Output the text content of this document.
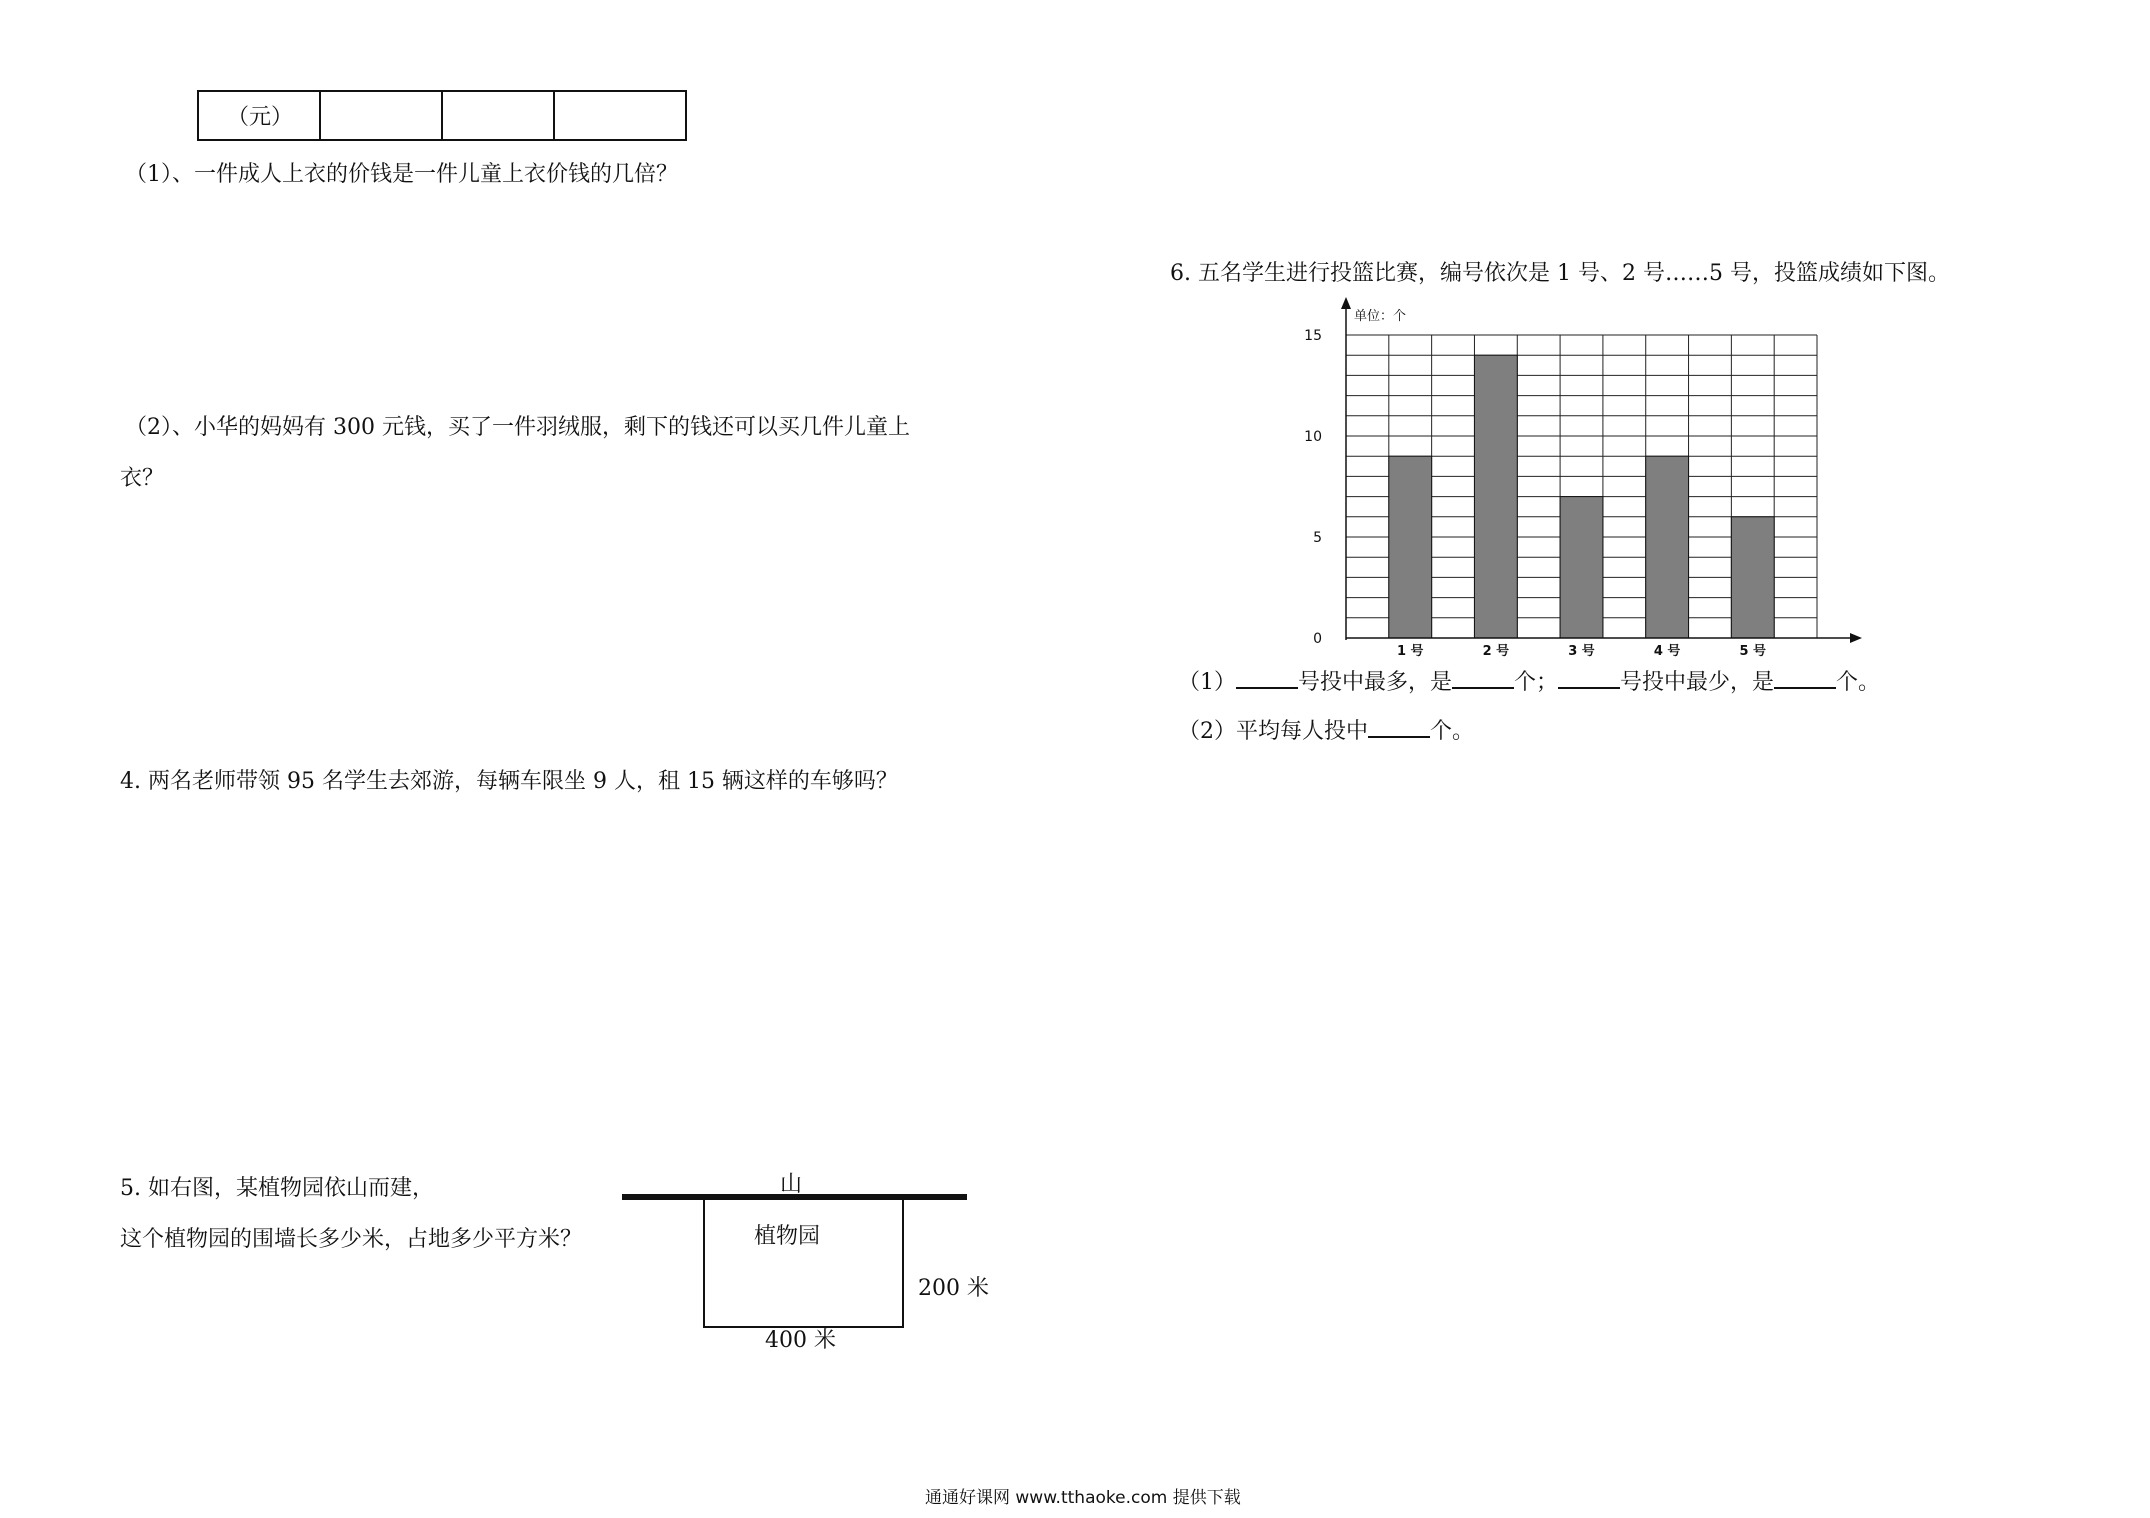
（元）			
（1）、一件成人上衣的价钱是一件儿童上衣价钱的几倍？
（2）、小华的妈妈有 300 元钱，买了一件羽绒服，剩下的钱还可以买几件儿童上
衣？
4. 两名老师带领 95 名学生去郊游，每辆车限坐 9 人，租 15 辆这样的车够吗？
5. 如右图，某植物园依山而建，
这个植物园的围墙长多少米，占地多少平方米？
山
植物园
200 米
400 米
6. 五名学生进行投篮比赛，编号依次是 1 号、2 号……5 号，投篮成绩如下图。
0
5
10
15
单位：个
1 号	2 号	3 号	4 号	5 号
（1）	号投中最多，是	个；	号投中最少，是	个。
（2）平均每人投中	个。
通通好课网 www.tthaoke.com 提供下载
